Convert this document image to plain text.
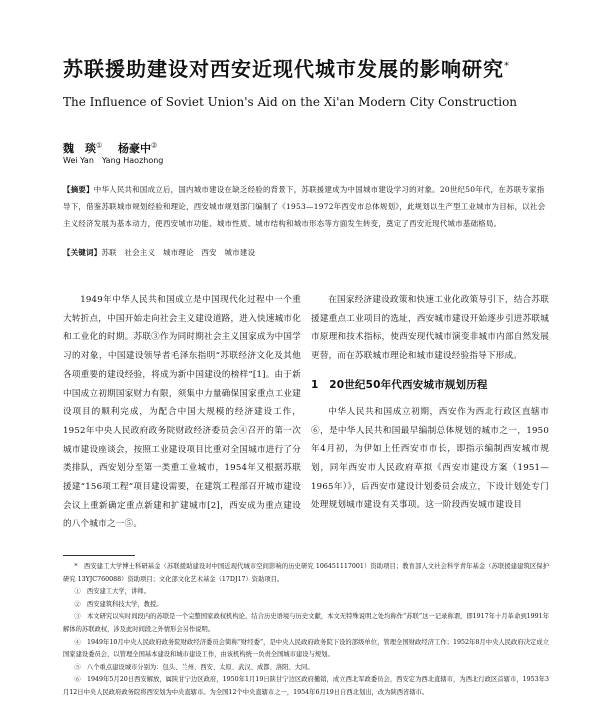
苏联援助建设对西安近现代城市发展的影响研究*
The Influence of Soviet Union's Aid on the Xi'an Modern City Construction
魏　琰① 杨豪中②
Wei Yan　Yang Haozhong
【摘要】中华人民共和国成立后，国内城市建设在缺乏经验的背景下，苏联援建成为中国城市建设学习的对象。20世纪50年代，在苏联专家指导下，借鉴苏联城市规划经验和理论，西安城市规划部门编制了《1953—1972年西安市总体规划》，此规划以生产型工业城市为目标，以社会主义经济发展为基本动力，使西安城市功能、城市性质、城市结构和城市形态等方面发生转变，奠定了西安近现代城市基础格局。
【关键词】苏联　社会主义　城市理论　西安　城市建设

1949年中华人民共和国成立是中国现代化过程中一个重大转折点，中国开始走向社会主义建设道路，进入快速城市化和工业化的时期。苏联③作为同时期社会主义国家成为中国学习的对象，中国建设领导者毛泽东指明“苏联经济文化及其他各项重要的建设经验，将成为新中国建设的榜样”[1]。由于新中国成立初期国家财力有限，须集中力量确保国家重点工业建设项目的顺利完成，为配合中国大规模的经济建设工作，1952年中央人民政府政务院财政经济委员会④召开的第一次城市建设座谈会，按照工业建设项目比重对全国城市进行了分类排队，西安划分至第一类重工业城市，1954年又根据苏联援建“156项工程”项目建设需要，在建筑工程部召开城市建设会议上重新确定重点新建和扩建城市[2]，西安成为重点建设的八个城市之一⑤。

在国家经济建设政策和快速工业化政策导引下，结合苏联援建重点工业项目的选址，西安城市建设开始逐步引进苏联城市原理和技术指标，使西安现代城市演变非城市内部自然发展更替，而在苏联城市理论和城市建设经验指导下形成。

1　20世纪50年代西安城市规划历程

中华人民共和国成立初期，西安作为西北行政区直辖市⑥，是中华人民共和国最早编制总体规划的城市之一，1950年4月初，为伊如上任西安市市长，即指示编制西安城市规划，同年西安市人民政府草拟《西安市建设方案（1951—1965年）》，后西安市建设计划委员会成立，下设计划处专门处理规划城市建设有关事项。这一阶段西安城市建设目

*　西安建工大学博士科研基金（苏联援助建设对中国近现代城市空间影响的历史研究 106451117001）资助项目；教育部人文社会科学青年基金（苏联援建建筑区保护研究 13YJC760088）资助项目；文化部文化艺术基金（17DJ17）资助项目。

①　西安建工大学，讲师。

②　西安建筑科技大学，教授。

③　本文研究以实时间段内的苏联是一个完整国家政权机构论，结合历史语境与历史文献，本文无特殊说明之处均称作“苏联”这一记录称谓，即1917年十月革命到1991年解体的苏联政权，涉及此时间段之外情形会另作说明。

④　1949年10月中央人民政府政务院财政经济委员会简称“财经委”，是中央人民政府政务院下设的部级单位，管理全国财政经济工作；1952年8月中央人民政府决定成立国家建设委员会，以管理全国基本建设和城市建设工作，由该机构统一负责全国城市建设与规划。

⑤　八个重点建设城市分别为：包头、兰州、西安、太原、武汉、成都、洛阳、大同。

⑥　1949年5月20日西安解放，属陕甘宁边区政府，1950年1月19日陕甘宁边区政府撤销，成立西北军政委员会，西安定为西北直辖市，为西北行政区首辖市，1953年3月12日中央人民政府政务院将西安划为中央直辖市。为全国12个中央直辖市之一，1954年6月19日自西北划出，改为陕西省辖市。
